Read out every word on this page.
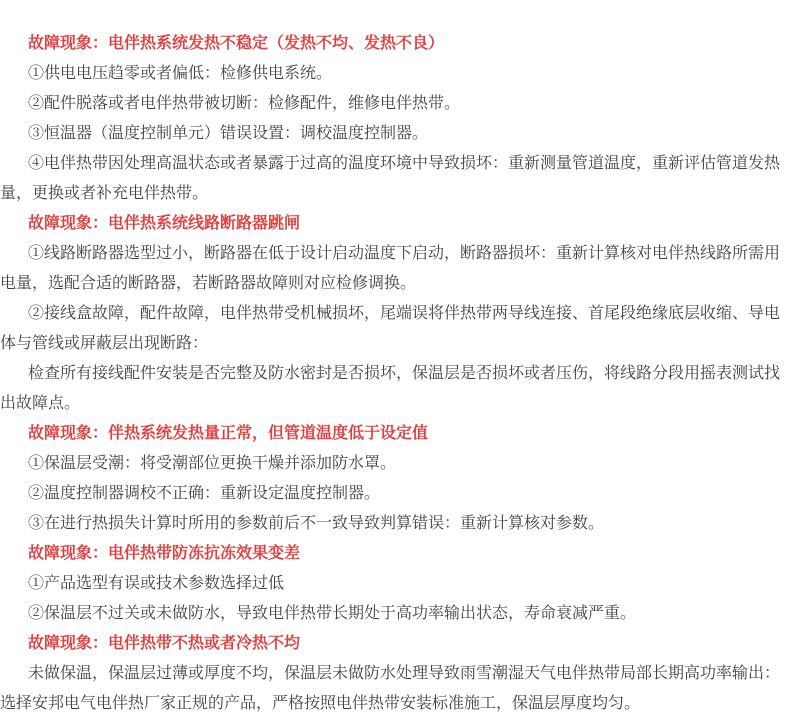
故障现象：电伴热系统发热不稳定（发热不均、发热不良）

①供电电压趋零或者偏低：检修供电系统。

②配件脱落或者电伴热带被切断：检修配件，维修电伴热带。

③恒温器（温度控制单元）错误设置：调校温度控制器。

④电伴热带因处理高温状态或者暴露于过高的温度环境中导致损坏：重新测量管道温度，重新评估管道发热量，更换或者补充电伴热带。

故障现象：电伴热系统线路断路器跳闸

①线路断路器选型过小，断路器在低于设计启动温度下启动，断路器损坏：重新计算核对电伴热线路所需用电量，选配合适的断路器，若断路器故障则对应检修调换。

②接线盒故障，配件故障，电伴热带受机械损坏，尾端误将伴热带两导线连接、首尾段绝缘底层收缩、导电体与管线或屏蔽层出现断路：

检查所有接线配件安装是否完整及防水密封是否损坏，保温层是否损坏或者压伤，将线路分段用摇表测试找出故障点。

故障现象：伴热系统发热量正常，但管道温度低于设定值

①保温层受潮：将受潮部位更换干燥并添加防水罩。

②温度控制器调校不正确：重新设定温度控制器。

③在进行热损失计算时所用的参数前后不一致导致判算错误：重新计算核对参数。

故障现象：电伴热带防冻抗冻效果变差

①产品选型有误或技术参数选择过低

②保温层不过关或未做防水，导致电伴热带长期处于高功率输出状态，寿命衰减严重。

故障现象：电伴热带不热或者冷热不均

未做保温，保温层过薄或厚度不均，保温层未做防水处理导致雨雪潮湿天气电伴热带局部长期高功率输出：选择安邦电气电伴热厂家正规的产品，严格按照电伴热带安装标准施工，保温层厚度均匀。
